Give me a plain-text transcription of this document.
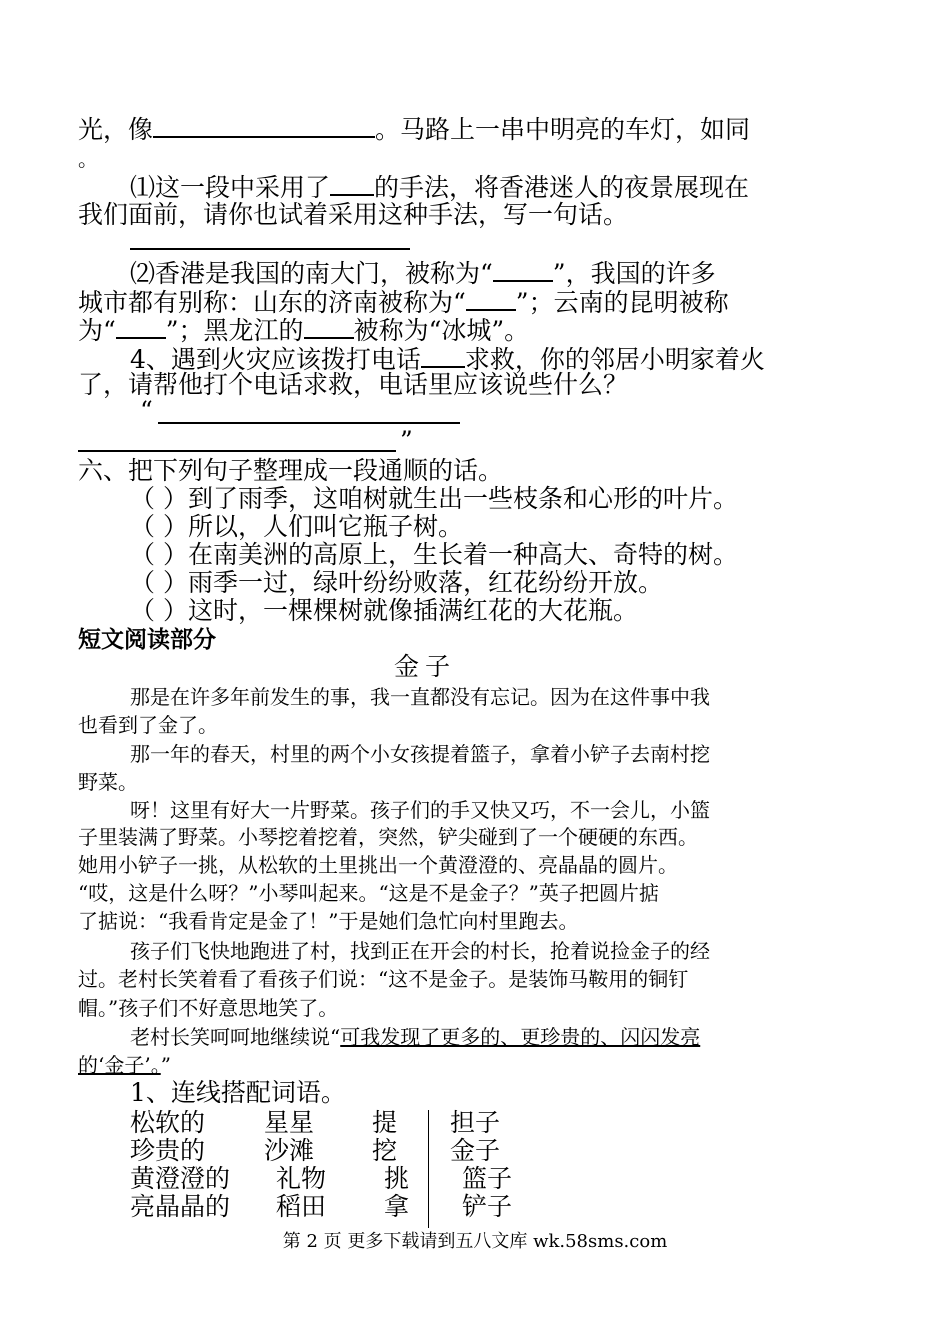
光，像	。马路上一串中明亮的车灯，如同
。
⑴这一段中采用了 的手法，将香港迷人的夜景展现在
我们面前，请你也试着采用这种手法，写一句话。
⑵香港是我国的南大门，被称为“ ”，我国的许多
城市都有别称：山东的济南被称为“ ”；云南的昆明被称
为“ ”；黑龙江的 被称为“冰城”。
4、遇到火灾应该拨打电话 求救，你的邻居小明家着火
了，请帮他打个电话求救，电话里应该说些什么？
“
”
六、把下列句子整理成一段通顺的话。
（ ）到了雨季，这咱树就生出一些枝条和心形的叶片。
（ ）所以，人们叫它瓶子树。
（ ）在南美洲的高原上，生长着一种高大、奇特的树。
（ ）雨季一过，绿叶纷纷败落，红花纷纷开放。
（ ）这时，一棵棵树就像插满红花的大花瓶。
短文阅读部分
金子
那是在许多年前发生的事，我一直都没有忘记。因为在这件事中我
也看到了金了。
那一年的春天，村里的两个小女孩提着篮子，拿着小铲子去南村挖
野菜。
呀！这里有好大一片野菜。孩子们的手又快又巧，不一会儿，小篮
子里装满了野菜。小琴挖着挖着，突然，铲尖碰到了一个硬硬的东西。
她用小铲子一挑，从松软的土里挑出一个黄澄澄的、亮晶晶的圆片。
“哎，这是什么呀？”小琴叫起来。“这是不是金子？”英子把圆片掂
了掂说：“我看肯定是金了！”于是她们急忙向村里跑去。
孩子们飞快地跑进了村，找到正在开会的村长，抢着说捡金子的经
过。老村长笑着看了看孩子们说：“这不是金子。是装饰马鞍用的铜钉
帽。”孩子们不好意思地笑了。
老村长笑呵呵地继续说“可我发现了更多的、更珍贵的、闪闪发亮
的‘金子’。”
1、连线搭配词语。
松软的
珍贵的
黄澄澄的
亮晶晶的
星星
沙滩
礼物
稻田
提
挖
挑
拿
担子
金子
篮子
铲子
第 2 页 更多下载请到五八文库 wk.58sms.com
